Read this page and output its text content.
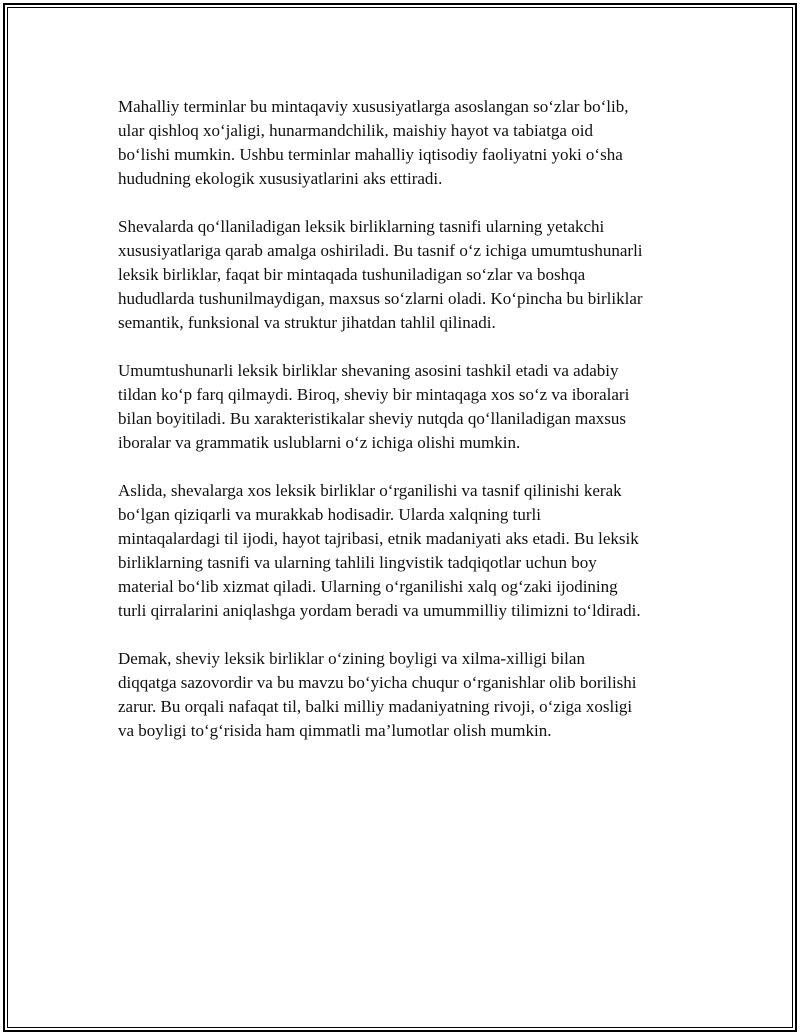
Mahalliy terminlar bu mintaqaviy xususiyatlarga asoslangan so‘zlar bo‘lib,
ular qishloq xo‘jaligi, hunarmandchilik, maishiy hayot va tabiatga oid
bo‘lishi mumkin. Ushbu terminlar mahalliy iqtisodiy faoliyatni yoki o‘sha
hududning ekologik xususiyatlarini aks ettiradi.

Shevalarda qo‘llaniladigan leksik birliklarning tasnifi ularning yetakchi
xususiyatlariga qarab amalga oshiriladi. Bu tasnif o‘z ichiga umumtushunarli
leksik birliklar, faqat bir mintaqada tushuniladigan so‘zlar va boshqa
hududlarda tushunilmaydigan, maxsus so‘zlarni oladi. Ko‘pincha bu birliklar
semantik, funksional va struktur jihatdan tahlil qilinadi.

Umumtushunarli leksik birliklar shevaning asosini tashkil etadi va adabiy
tildan ko‘p farq qilmaydi. Biroq, sheviy bir mintaqaga xos so‘z va iboralari
bilan boyitiladi. Bu xarakteristikalar sheviy nutqda qo‘llaniladigan maxsus
iboralar va grammatik uslublarni o‘z ichiga olishi mumkin.

Aslida, shevalarga xos leksik birliklar o‘rganilishi va tasnif qilinishi kerak
bo‘lgan qiziqarli va murakkab hodisadir. Ularda xalqning turli
mintaqalardagi til ijodi, hayot tajribasi, etnik madaniyati aks etadi. Bu leksik
birliklarning tasnifi va ularning tahlili lingvistik tadqiqotlar uchun boy
material bo‘lib xizmat qiladi. Ularning o‘rganilishi xalq og‘zaki ijodining
turli qirralarini aniqlashga yordam beradi va umummilliy tilimizni to‘ldiradi.

Demak, sheviy leksik birliklar o‘zining boyligi va xilma-xilligi bilan
diqqatga sazovordir va bu mavzu bo‘yicha chuqur o‘rganishlar olib borilishi
zarur. Bu orqali nafaqat til, balki milliy madaniyatning rivoji, o‘ziga xosligi
va boyligi to‘g‘risida ham qimmatli ma’lumotlar olish mumkin.
